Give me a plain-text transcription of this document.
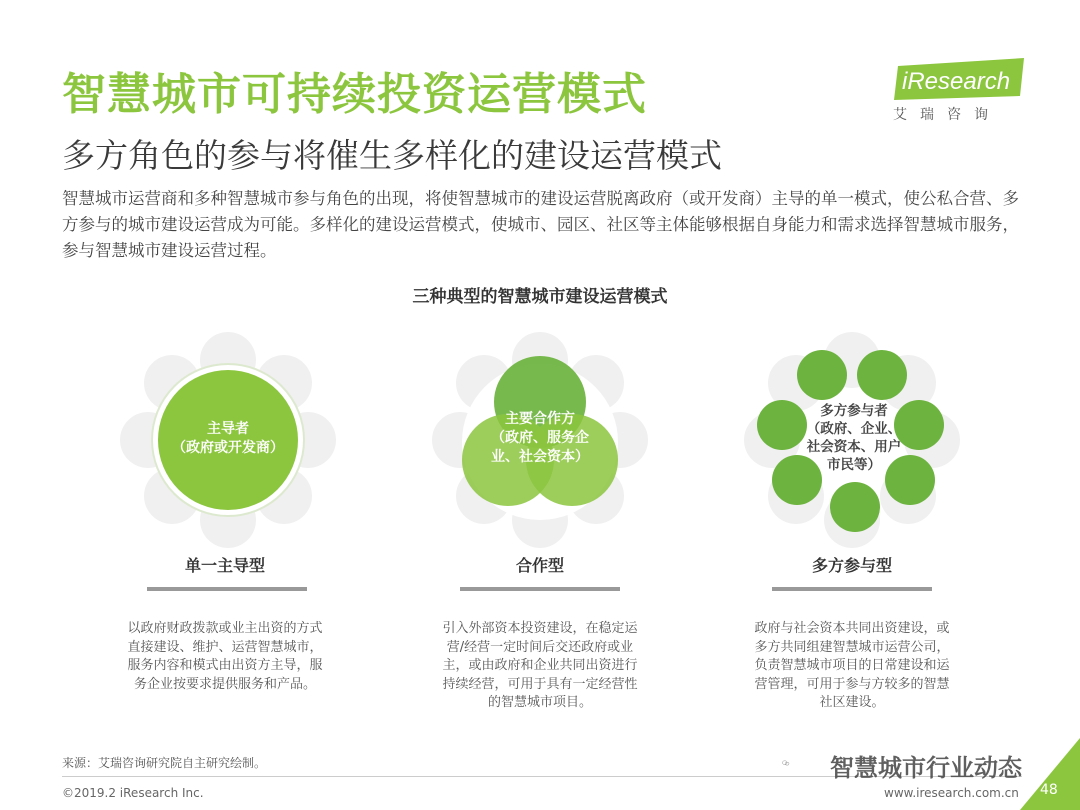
智慧城市可持续投资运营模式
多方角色的参与将催生多样化的建设运营模式
iResearch
艾瑞咨询
智慧城市运营商和多种智慧城市参与角色的出现，将使智慧城市的建设运营脱离政府（或开发商）主导的单一模式，使公私合营、多方参与的城市建设运营成为可能。多样化的建设运营模式，使城市、园区、社区等主体能够根据自身能力和需求选择智慧城市服务，参与智慧城市建设运营过程。
三种典型的智慧城市建设运营模式
主导者
（政府或开发商）
主要合作方
（政府、服务企
业、社会资本）
多方参与者
（政府、企业、
社会资本、用户
市民等）
单一主导型
以政府财政拨款或业主出资的方式直接建设、维护、运营智慧城市，服务内容和模式由出资方主导，服务企业按要求提供服务和产品。
合作型
引入外部资本投资建设，在稳定运营/经营一定时间后交还政府或业主，或由政府和企业共同出资进行持续经营，可用于具有一定经营性的智慧城市项目。
多方参与型
政府与社会资本共同出资建设，或多方共同组建智慧城市运营公司，负责智慧城市项目的日常建设和运营管理，可用于参与方较多的智慧社区建设。
来源：艾瑞咨询研究院自主研究绘制。
©2019.2 iResearch Inc.	www.iresearch.com.cn 48
智慧城市行业动态
